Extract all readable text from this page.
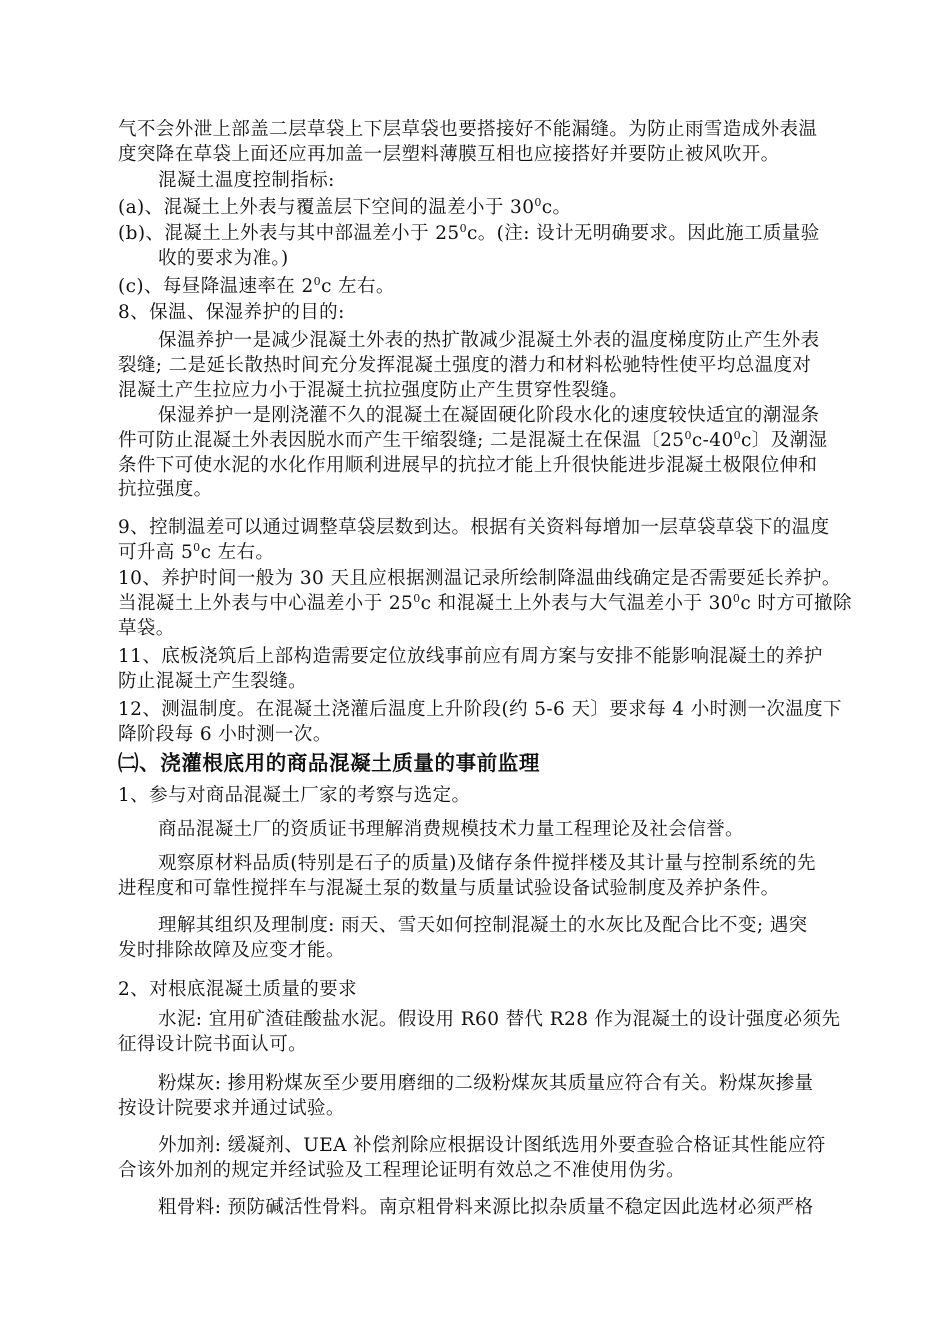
气不会外泄上部盖二层草袋上下层草袋也要搭接好不能漏缝。为防止雨雪造成外表温
度突降在草袋上面还应再加盖一层塑料薄膜互相也应接搭好并要防止被风吹开。
混凝土温度控制指标:
(a)、混凝土上外表与覆盖层下空间的温差小于 $30^0c$。
(b)、混凝土上外表与其中部温差小于 $25^0c$。(注: 设计无明确要求。因此施工质量验
收的要求为准。)
(c)、每昼降温速率在 $2^0c$ 左右。
8、保温、保湿养护的目的:
保温养护一是减少混凝土外表的热扩散减少混凝土外表的温度梯度防止产生外表
裂缝; 二是延长散热时间充分发挥混凝土强度的潜力和材料松驰特性使平均总温度对
混凝土产生拉应力小于混凝土抗拉强度防止产生贯穿性裂缝。
保湿养护一是刚浇灌不久的混凝土在凝固硬化阶段水化的速度较快适宜的潮湿条
件可防止混凝土外表因脱水而产生干缩裂缝; 二是混凝土在保温〔$25^0c-40^0c$〕及潮湿
条件下可使水泥的水化作用顺利进展早的抗拉才能上升很快能进步混凝土极限位伸和
抗拉强度。
9、控制温差可以通过调整草袋层数到达。根据有关资料每增加一层草袋草袋下的温度
可升高 $5^0c$ 左右。
10、养护时间一般为 30 天且应根据测温记录所绘制降温曲线确定是否需要延长养护。
当混凝土上外表与中心温差小于 $25^0c$ 和混凝土上外表与大气温差小于 $30^0c$ 时方可撤除
草袋。
11、底板浇筑后上部构造需要定位放线事前应有周方案与安排不能影响混凝土的养护
防止混凝土产生裂缝。
12、测温制度。在混凝土浇灌后温度上升阶段(约 5-6 天〕要求每 4 小时测一次温度下
降阶段每 6 小时测一次。
㈡、浇灌根底用的商品混凝土质量的事前监理
1、参与对商品混凝土厂家的考察与选定。
商品混凝土厂的资质证书理解消费规模技术力量工程理论及社会信誉。
观察原材料品质(特别是石子的质量)及储存条件搅拌楼及其计量与控制系统的先
进程度和可靠性搅拌车与混凝土泵的数量与质量试验设备试验制度及养护条件。
理解其组织及理制度: 雨天、雪天如何控制混凝土的水灰比及配合比不变; 遇突
发时排除故障及应变才能。
2、对根底混凝土质量的要求
水泥: 宜用矿渣硅酸盐水泥。假设用 R60 替代 R28 作为混凝土的设计强度必须先
征得设计院书面认可。
粉煤灰: 掺用粉煤灰至少要用磨细的二级粉煤灰其质量应符合有关。粉煤灰掺量
按设计院要求并通过试验。
外加剂: 缓凝剂、UEA 补偿剂除应根据设计图纸选用外要查验合格证其性能应符
合该外加剂的规定并经试验及工程理论证明有效总之不准使用伪劣。
粗骨料: 预防碱活性骨料。南京粗骨料来源比拟杂质量不稳定因此选材必须严格
